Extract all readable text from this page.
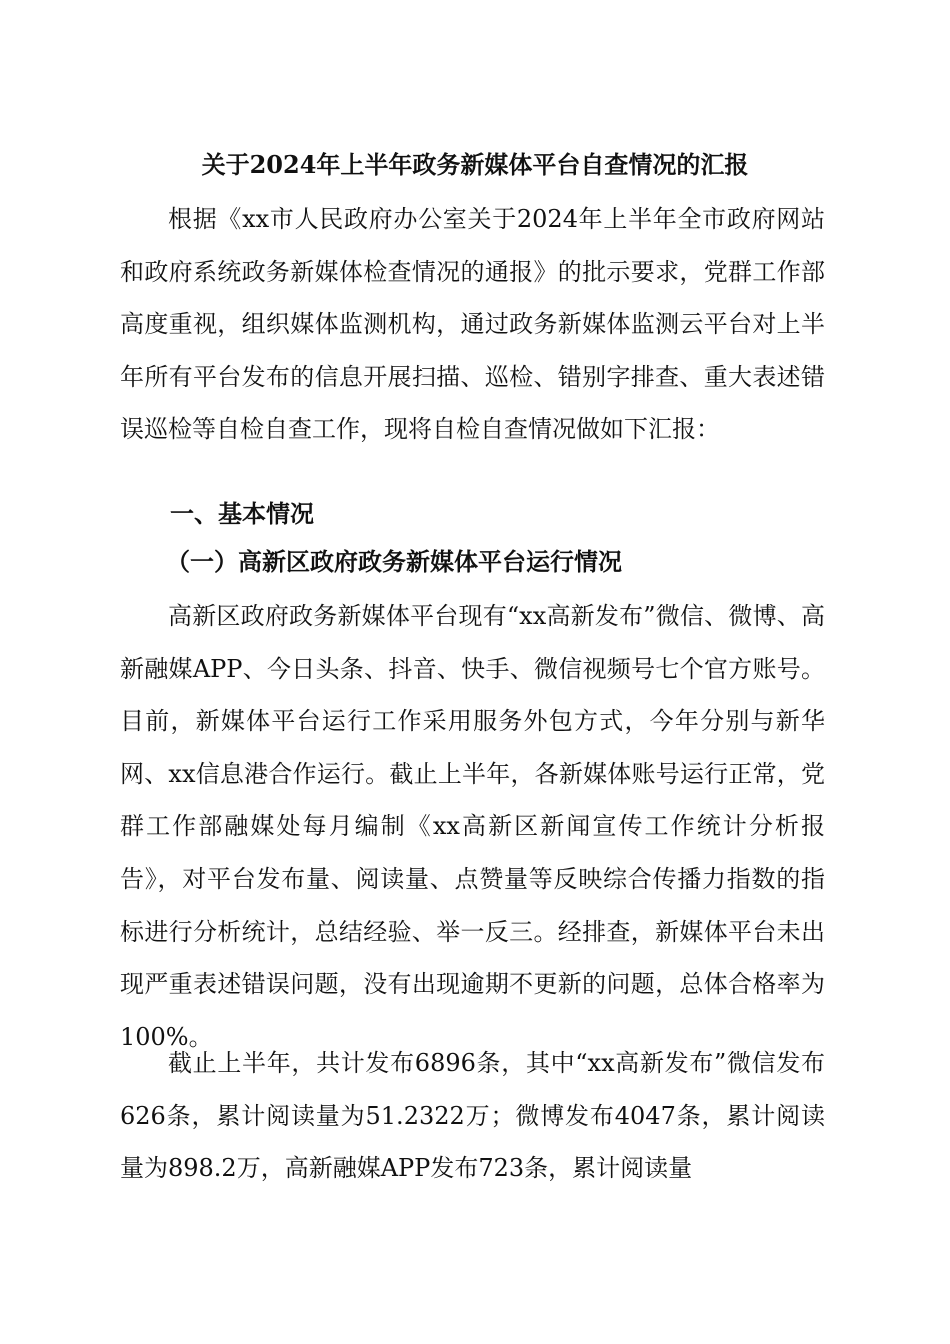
关于2024年上半年政务新媒体平台自查情况的汇报

根据《xx市人民政府办公室关于2024年上半年全市政府网站和政府系统政务新媒体检查情况的通报》的批示要求，党群工作部高度重视，组织媒体监测机构，通过政务新媒体监测云平台对上半年所有平台发布的信息开展扫描、巡检、错别字排查、重大表述错误巡检等自检自查工作，现将自检自查情况做如下汇报：

一、基本情况
（一）高新区政府政务新媒体平台运行情况

高新区政府政务新媒体平台现有“xx高新发布”微信、微博、高新融媒APP、今日头条、抖音、快手、微信视频号七个官方账号。目前，新媒体平台运行工作采用服务外包方式，今年分别与新华网、xx信息港合作运行。截止上半年，各新媒体账号运行正常，党群工作部融媒处每月编制《xx高新区新闻宣传工作统计分析报告》，对平台发布量、阅读量、点赞量等反映综合传播力指数的指标进行分析统计，总结经验、举一反三。经排查，新媒体平台未出现严重表述错误问题，没有出现逾期不更新的问题，总体合格率为100%。

截止上半年，共计发布6896条，其中“xx高新发布”微信发布626条，累计阅读量为51.2322万；微博发布4047条，累计阅读量为898.2万，高新融媒APP发布723条，累计阅读量
